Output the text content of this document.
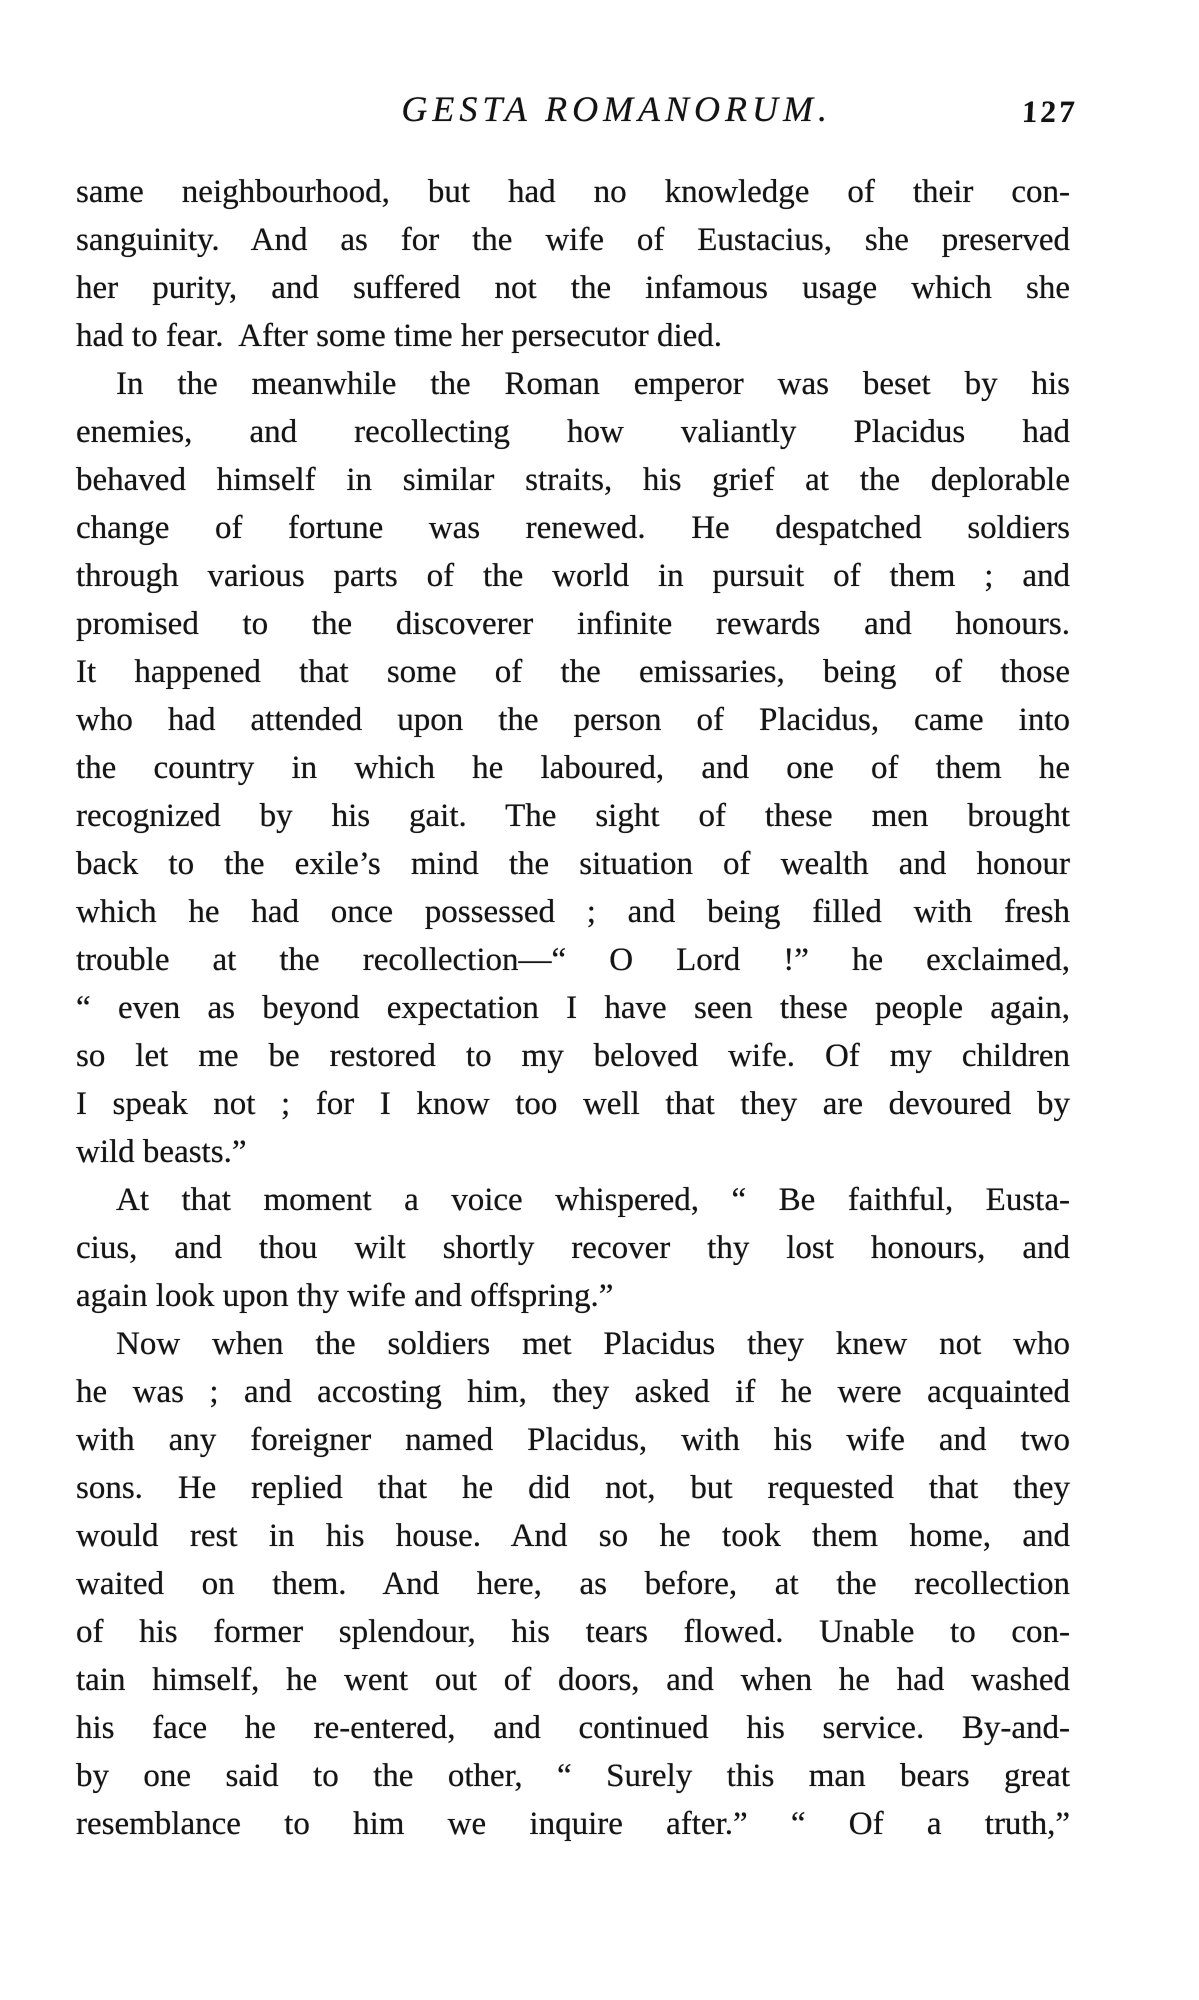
GESTA ROMANORUM.	127
same neighbourhood, but had no knowledge of their con-
sanguinity. And as for the wife of Eustacius, she preserved
her purity, and suffered not the infamous usage which she
had to fear.  After some time her persecutor died.
In the meanwhile the Roman emperor was beset by his
enemies, and recollecting how valiantly Placidus had
behaved himself in similar straits, his grief at the deplorable
change of fortune was renewed. He despatched soldiers
through various parts of the world in pursuit of them ; and
promised to the discoverer infinite rewards and honours.
It happened that some of the emissaries, being of those
who had attended upon the person of Placidus, came into
the country in which he laboured, and one of them he
recognized by his gait. The sight of these men brought
back to the exile’s mind the situation of wealth and honour
which he had once possessed ; and being filled with fresh
trouble at the recollection—“ O Lord !” he exclaimed,
“ even as beyond expectation I have seen these people again,
so let me be restored to my beloved wife. Of my children
I speak not ; for I know too well that they are devoured by
wild beasts.”
At that moment a voice whispered, “ Be faithful, Eusta-
cius, and thou wilt shortly recover thy lost honours, and
again look upon thy wife and offspring.”
Now when the soldiers met Placidus they knew not who
he was ; and accosting him, they asked if he were acquainted
with any foreigner named Placidus, with his wife and two
sons. He replied that he did not, but requested that they
would rest in his house. And so he took them home, and
waited on them. And here, as before, at the recollection
of his former splendour, his tears flowed. Unable to con-
tain himself, he went out of doors, and when he had washed
his face he re-entered, and continued his service. By-and-
by one said to the other, “ Surely this man bears great
resemblance to him we inquire after.” “ Of a truth,”
